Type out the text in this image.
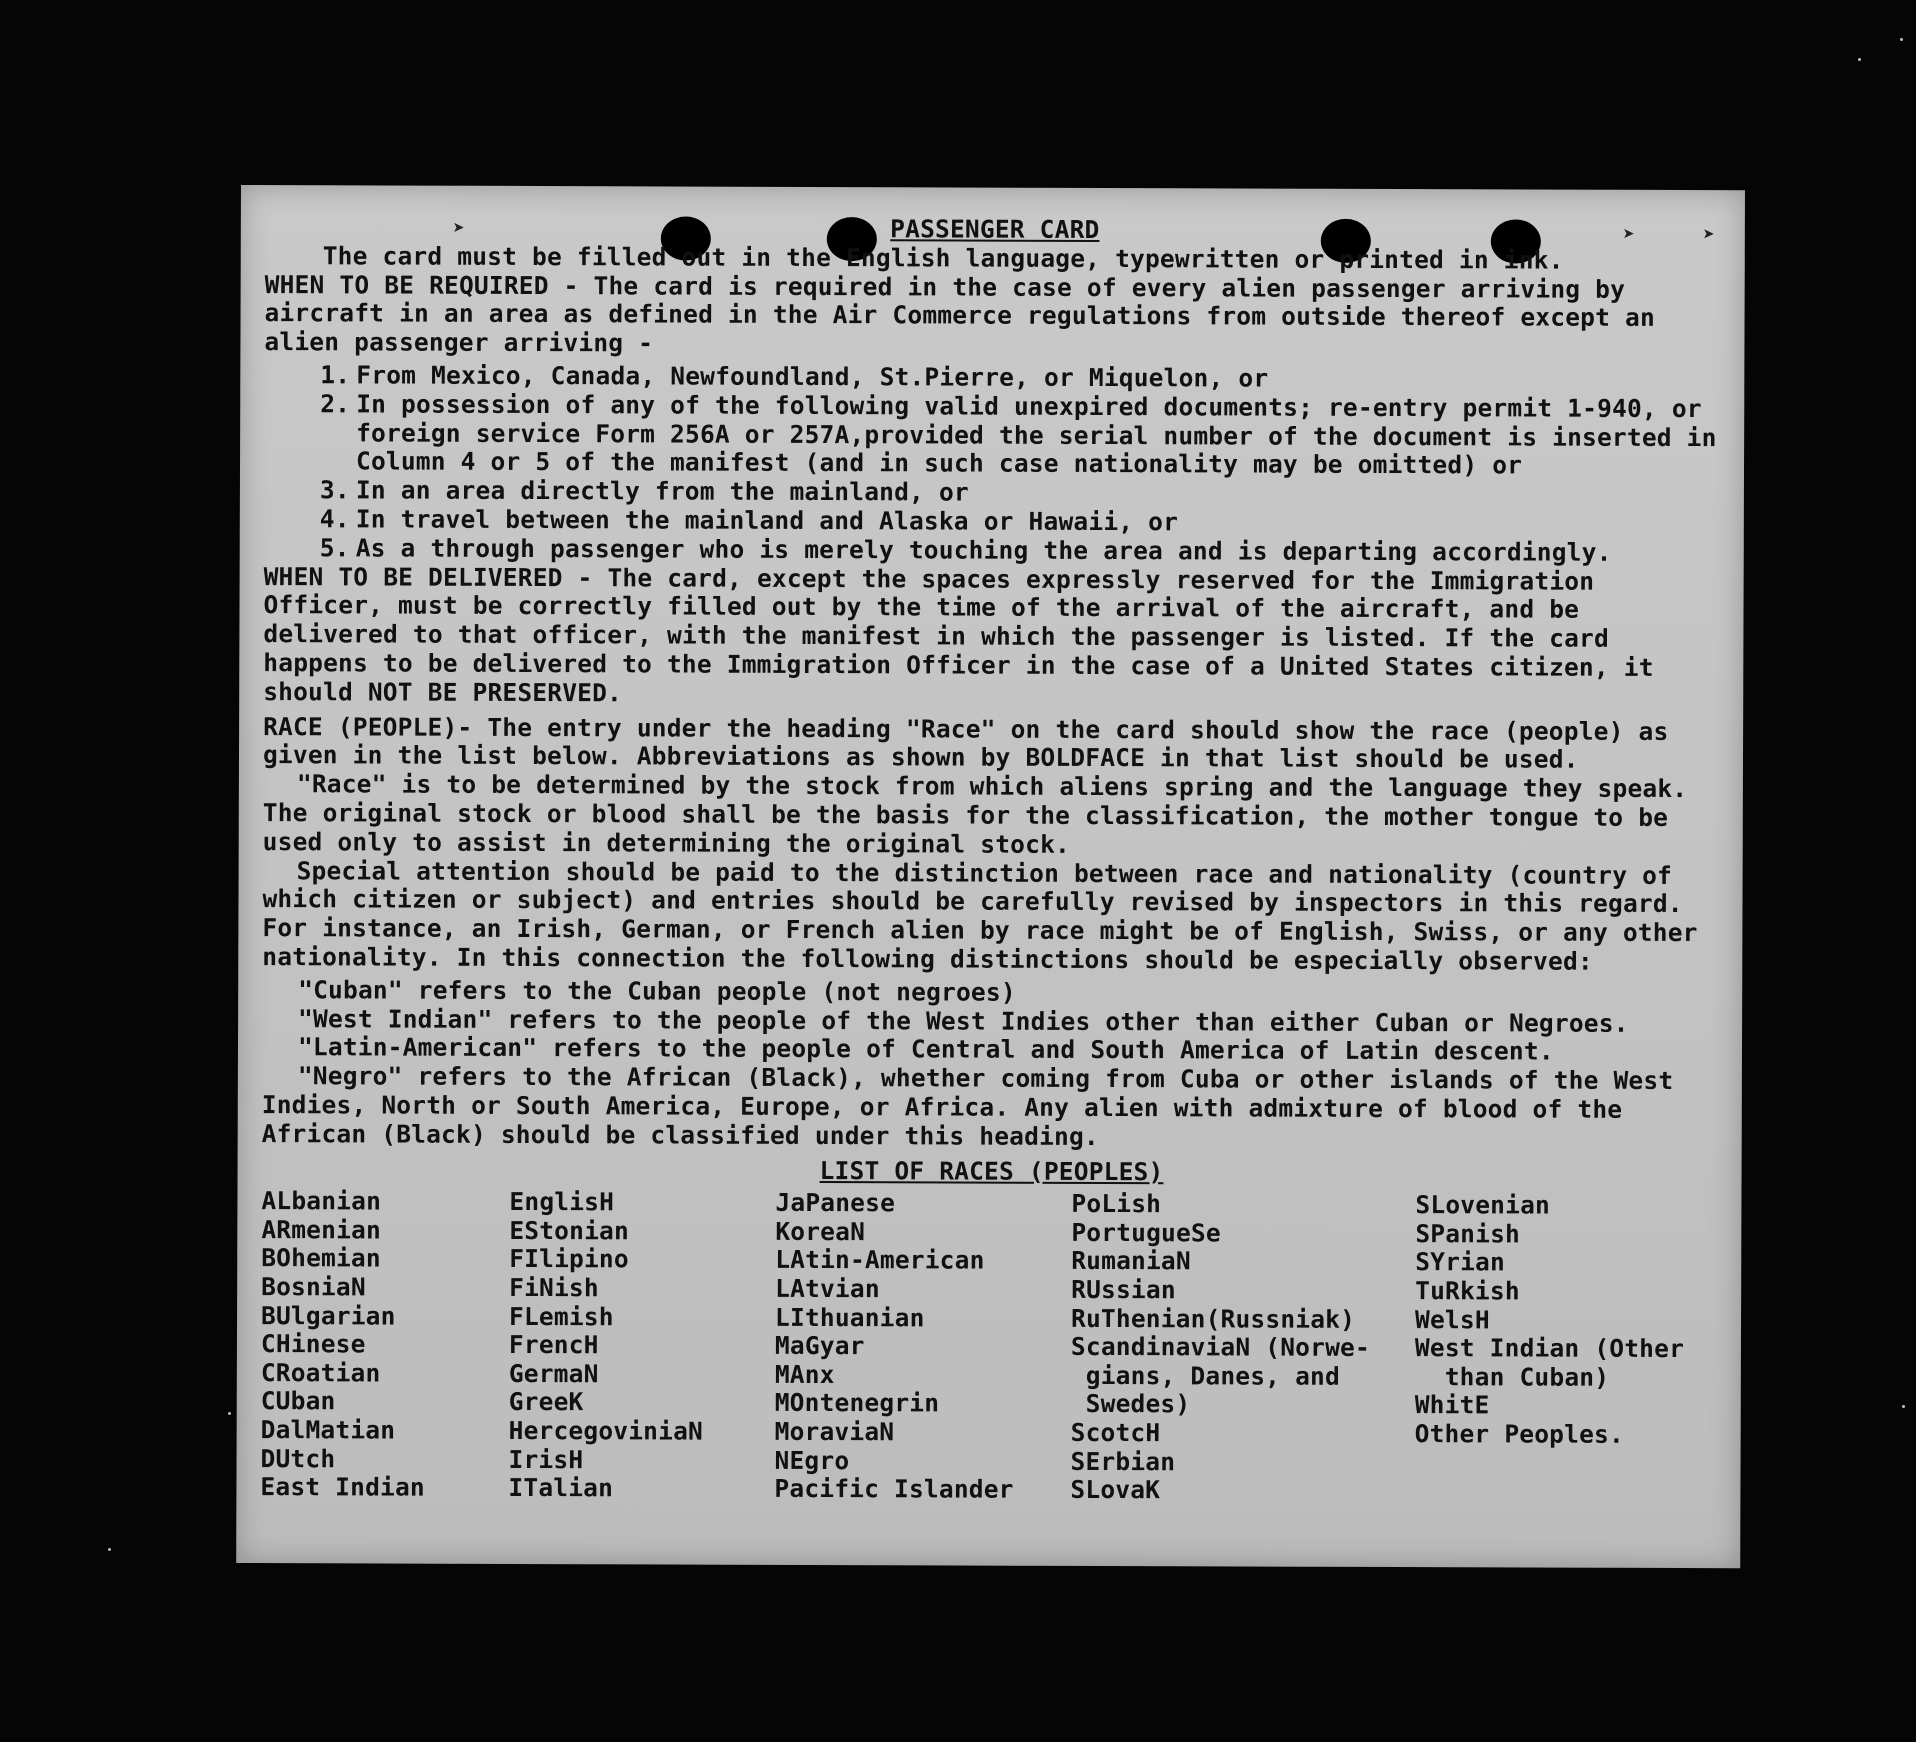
➤	➤	➤
PASSENGER CARD

The card must be filled out in the English language, typewritten or printed in ink.

WHEN TO BE REQUIRED - The card is required in the case of every alien passenger arriving by aircraft in an area as defined in the Air Commerce regulations from outside thereof except an alien passenger arriving -

1. From Mexico, Canada, Newfoundland, St.Pierre, or Miquelon, or
2. In possession of any of the following valid unexpired documents; re-entry permit 1-940, or foreign service Form 256A or 257A,provided the serial number of the document is inserted in Column 4 or 5 of the manifest (and in such case nationality may be omitted) or
3. In an area directly from the mainland, or
4. In travel between the mainland and Alaska or Hawaii, or
5. As a through passenger who is merely touching the area and is departing accordingly.

WHEN TO BE DELIVERED - The card, except the spaces expressly reserved for the Immigration Officer, must be correctly filled out by the time of the arrival of the aircraft, and be delivered to that officer, with the manifest in which the passenger is listed. If the card happens to be delivered to the Immigration Officer in the case of a United States citizen, it should NOT BE PRESERVED.

RACE (PEOPLE)- The entry under the heading "Race" on the card should show the race (people) as given in the list below. Abbreviations as shown by BOLDFACE in that list should be used.

"Race" is to be determined by the stock from which aliens spring and the language they speak. The original stock or blood shall be the basis for the classification, the mother tongue to be used only to assist in determining the original stock.

Special attention should be paid to the distinction between race and nationality (country of which citizen or subject) and entries should be carefully revised by inspectors in this regard. For instance, an Irish, German, or French alien by race might be of English, Swiss, or any other nationality. In this connection the following distinctions should be especially observed:

"Cuban" refers to the Cuban people (not negroes)

"West Indian" refers to the people of the West Indies other than either Cuban or Negroes.

"Latin-American" refers to the people of Central and South America of Latin descent.

"Negro" refers to the African (Black), whether coming from Cuba or other islands of the West Indies, North or South America, Europe, or Africa. Any alien with admixture of blood of the African (Black) should be classified under this heading.

LIST OF RACES (PEOPLES)
ALbanian
ARmenian
BOhemian
BosniaN
BUlgarian
CHinese
CRoatian
CUban
DalMatian
DUtch
East Indian
EnglisH
EStonian
FIlipino
FiNish
FLemish
FrencH
GermaN
GreeK
HercegoviniaN
IrisH
ITalian
JaPanese
KoreaN
LAtin-American
LAtvian
LIthuanian
MaGyar
MAnx
MOntenegrin
MoraviaN
NEgro
Pacific Islander
PoLish
PortugueSe
RumaniaN
RUssian
RuThenian(Russniak)
ScandinaviaN (Norwe-
gians, Danes, and
Swedes)
ScotcH
SErbian
SLovaK
SLovenian
SPanish
SYrian
TuRkish
WelsH
West Indian (Other
than Cuban)
WhitE
Other Peoples.
